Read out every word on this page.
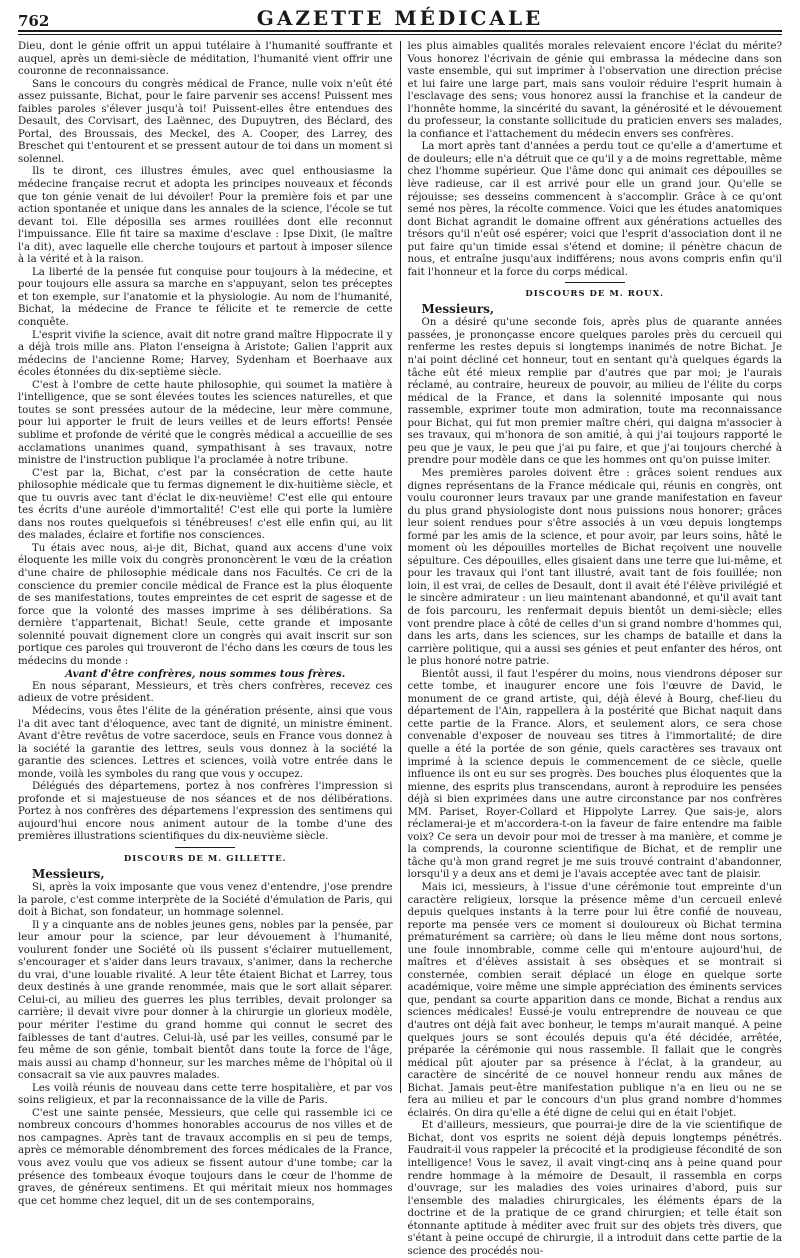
762	GAZETTE MÉDICALE

Dieu, dont le génie offrit un appui tutélaire à l'humanité souffrante et auquel, après un demi-siècle de méditation, l'humanité vient offrir une couronne de reconnaissance.

Sans le concours du congrès médical de France, nulle voix n'eût été assez puissante, Bichat, pour le faire parvenir ses accens! Puissent mes faibles paroles s'élever jusqu'à toi! Puissent-elles être entendues des Desault, des Corvisart, des Laënnec, des Dupuytren, des Béclard, des Portal, des Broussais, des Meckel, des A. Cooper, des Larrey, des Breschet qui t'entourent et se pressent autour de toi dans un moment si solennel.

Ils te diront, ces illustres émules, avec quel enthousiasme la médecine française recrut et adopta les principes nouveaux et féconds que ton génie venait de lui dévoiler! Pour la première fois et par une action spontanée et unique dans les annales de la science, l'école se tut devant toi. Elle déposilla ses armes rouillées dont elle reconnut l'impuissance. Elle fit taire sa maxime d'esclave : Ipse Dixit, (le maître l'a dit), avec laquelle elle cherche toujours et partout à imposer silence à la vérité et à la raison.

La liberté de la pensée fut conquise pour toujours à la médecine, et pour toujours elle assura sa marche en s'appuyant, selon tes préceptes et ton exemple, sur l'anatomie et la physiologie. Au nom de l'humanité, Bichat, la médecine de France te félicite et te remercie de cette conquête.

L'esprit vivifie la science, avait dit notre grand maître Hippocrate il y a déjà trois mille ans. Platon l'enseigna à Aristote; Galien l'apprit aux médecins de l'ancienne Rome; Harvey, Sydenham et Boerhaave aux écoles étonnées du dix-septième siècle.

C'est à l'ombre de cette haute philosophie, qui soumet la matière à l'intelligence, que se sont élevées toutes les sciences naturelles, et que toutes se sont pressées autour de la médecine, leur mère commune, pour lui apporter le fruit de leurs veilles et de leurs efforts! Pensée sublime et profonde de vérité que le congrès médical a accueillie de ses acclamations unanimes quand, sympathisant à ses travaux, notre ministre de l'instruction publique l'a proclamée à notre tribune.

C'est par la, Bichat, c'est par la consécration de cette haute philosophie médicale que tu fermas dignement le dix-huitième siècle, et que tu ouvris avec tant d'éclat le dix-neuvième! C'est elle qui entoure tes écrits d'une auréole d'immortalité! C'est elle qui porte la lumière dans nos routes quelquefois si ténébreuses! c'est elle enfin qui, au lit des malades, éclaire et fortifie nos consciences.

Tu étais avec nous, ai-je dit, Bichat, quand aux accens d'une voix éloquente les mille voix du congrès prononcèrent le vœu de la création d'une chaire de philosophie médicale dans nos Facultés. Ce cri de la conscience du premier concile médical de France est la plus éloquente de ses manifestations, toutes empreintes de cet esprit de sagesse et de force que la volonté des masses imprime à ses délibérations. Sa dernière t'appartenait, Bichat! Seule, cette grande et imposante solennité pouvait dignement clore un congrès qui avait inscrit sur son portique ces paroles qui trouveront de l'écho dans les cœurs de tous les médecins du monde :

Avant d'être confrères, nous sommes tous frères.

En nous séparant, Messieurs, et très chers confrères, recevez ces adieux de votre président.

Médecins, vous êtes l'élite de la génération présente, ainsi que vous l'a dit avec tant d'éloquence, avec tant de dignité, un ministre éminent. Avant d'être revêtus de votre sacerdoce, seuls en France vous donnez à la société la garantie des lettres, seuls vous donnez à la société la garantie des sciences. Lettres et sciences, voilà votre entrée dans le monde, voilà les symboles du rang que vous y occupez.

Délégués des départemens, portez à nos confrères l'impression si profonde et si majestueuse de nos séances et de nos délibérations. Portez à nos confrères des départemens l'expression des sentimens qui aujourd'hui encore nous animent autour de la tombe d'une des premières illustrations scientifiques du dix-neuvième siècle.

DISCOURS DE M. GILLETTE.
Messieurs,

Si, après la voix imposante que vous venez d'entendre, j'ose prendre la parole, c'est comme interprète de la Société d'émulation de Paris, qui doit à Bichat, son fondateur, un hommage solennel.

Il y a cinquante ans de nobles jeunes gens, nobles par la pensée, par leur amour pour la science, par leur dévouement à l'humanité, voulurent fonder une Société où ils pussent s'éclairer mutuellement, s'encourager et s'aider dans leurs travaux, s'animer, dans la recherche du vrai, d'une louable rivalité. A leur tête étaient Bichat et Larrey, tous deux destinés à une grande renommée, mais que le sort allait séparer. Celui-ci, au milieu des guerres les plus terribles, devait prolonger sa carrière; il devait vivre pour donner à la chirurgie un glorieux modèle, pour mériter l'estime du grand homme qui connut le secret des faiblesses de tant d'autres. Celui-là, usé par les veilles, consumé par le feu même de son génie, tombait bientôt dans toute la force de l'âge, mais aussi au champ d'honneur, sur les marches même de l'hôpital où il consacrait sa vie aux pauvres malades.

Les voilà réunis de nouveau dans cette terre hospitalière, et par vos soins religieux, et par la reconnaissance de la ville de Paris.

C'est une sainte pensée, Messieurs, que celle qui rassemble ici ce nombreux concours d'hommes honorables accourus de nos villes et de nos campagnes. Après tant de travaux accomplis en si peu de temps, après ce mémorable dénombrement des forces médicales de la France, vous avez voulu que vos adieux se fissent autour d'une tombe; car la présence des tombeaux évoque toujours dans le cœur de l'homme de graves, de généreux sentimens. Et qui méritait mieux nos hommages que cet homme chez lequel, dit un de ses contemporains,

les plus aimables qualités morales relevaient encore l'éclat du mérite? Vous honorez l'écrivain de génie qui embrassa la médecine dans son vaste ensemble, qui sut imprimer à l'observation une direction précise et lui faire une large part, mais sans vouloir réduire l'esprit humain à l'esclavage des sens; vous honorez aussi la franchise et la candeur de l'honnête homme, la sincérité du savant, la générosité et le dévouement du professeur, la constante sollicitude du praticien envers ses malades, la confiance et l'attachement du médecin envers ses confrères.

La mort après tant d'années a perdu tout ce qu'elle a d'amertume et de douleurs; elle n'a détruit que ce qu'il y a de moins regrettable, même chez l'homme supérieur. Que l'âme donc qui animait ces dépouilles se lève radieuse, car il est arrivé pour elle un grand jour. Qu'elle se réjouisse; ses desseins commencent à s'accomplir. Grâce à ce qu'ont semé nos pères, la récolte commence. Voici que les études anatomiques dont Bichat agrandit le domaine offrent aux générations actuelles des trésors qu'il n'eût osé espérer; voici que l'esprit d'association dont il ne put faire qu'un timide essai s'étend et domine; il pénètre chacun de nous, et entraîne jusqu'aux indifférens; nous avons compris enfin qu'il fait l'honneur et la force du corps médical.

DISCOURS DE M. ROUX.
Messieurs,

On a désiré qu'une seconde fois, après plus de quarante années passées, je prononçasse encore quelques paroles près du cercueil qui renferme les restes depuis si longtemps inanimés de notre Bichat. Je n'ai point décliné cet honneur, tout en sentant qu'à quelques égards la tâche eût été mieux remplie par d'autres que par moi; je l'aurais réclamé, au contraire, heureux de pouvoir, au milieu de l'élite du corps médical de la France, et dans la solennité imposante qui nous rassemble, exprimer toute mon admiration, toute ma reconnaissance pour Bichat, qui fut mon premier maître chéri, qui daigna m'associer à ses travaux, qui m'honora de son amitié, à qui j'ai toujours rapporté le peu que je vaux, le peu que j'ai pu faire, et que j'ai toujours cherché à prendre pour modèle dans ce que les hommes ont qu'on puisse imiter.

Mes premières paroles doivent être : grâces soient rendues aux dignes représentans de la France médicale qui, réunis en congrès, ont voulu couronner leurs travaux par une grande manifestation en faveur du plus grand physiologiste dont nous puissions nous honorer; grâces leur soient rendues pour s'être associés à un vœu depuis longtemps formé par les amis de la science, et pour avoir, par leurs soins, hâté le moment où les dépouilles mortelles de Bichat reçoivent une nouvelle sépulture. Ces dépouilles, elles gisaient dans une terre que lui-même, et pour les travaux qui l'ont tant illustré, avait tant de fois fouillée; non loin, il est vrai, de celles de Desault, dont il avait été l'élève privilégié et le sincère admirateur : un lieu maintenant abandonné, et qu'il avait tant de fois parcouru, les renfermait depuis bientôt un demi-siècle; elles vont prendre place à côté de celles d'un si grand nombre d'hommes qui, dans les arts, dans les sciences, sur les champs de bataille et dans la carrière politique, qui a aussi ses génies et peut enfanter des héros, ont le plus honoré notre patrie.

Bientôt aussi, il faut l'espérer du moins, nous viendrons déposer sur cette tombe, et inaugurer encore une fois l'œuvre de David, le monument de ce grand artiste, qui, déjà élevé à Bourg, chef-lieu du département de l'Ain, rappellera à la postérité que Bichat naquit dans cette partie de la France. Alors, et seulement alors, ce sera chose convenable d'exposer de nouveau ses titres à l'immortalité; de dire quelle a été la portée de son génie, quels caractères ses travaux ont imprimé à la science depuis le commencement de ce siècle, quelle influence ils ont eu sur ses progrès. Des bouches plus éloquentes que la mienne, des esprits plus transcendans, auront à reproduire les pensées déjà si bien exprimées dans une autre circonstance par nos confrères MM. Pariset, Royer-Collard et Hippolyte Larrey. Que sais-je, alors réclamerai-je et m'accordera-t-on la faveur de faire entendre ma faible voix? Ce sera un devoir pour moi de tresser à ma manière, et comme je la comprends, la couronne scientifique de Bichat, et de remplir une tâche qu'à mon grand regret je me suis trouvé contraint d'abandonner, lorsqu'il y a deux ans et demi je l'avais acceptée avec tant de plaisir.

Mais ici, messieurs, à l'issue d'une cérémonie tout empreinte d'un caractère religieux, lorsque la présence même d'un cercueil enlevé depuis quelques instants à la terre pour lui être confié de nouveau, reporte ma pensée vers ce moment si douloureux où Bichat termina prématurément sa carrière; où dans le lieu même dont nous sortons, une foule innombrable, comme celle qui m'entoure aujourd'hui, de maîtres et d'élèves assistait à ses obsèques et se montrait si consternée, combien serait déplacé un éloge en quelque sorte académique, voire même une simple appréciation des éminents services que, pendant sa courte apparition dans ce monde, Bichat a rendus aux sciences médicales! Eussé-je voulu entreprendre de nouveau ce que d'autres ont déjà fait avec bonheur, le temps m'aurait manqué. A peine quelques jours se sont écoulés depuis qu'a été décidée, arrêtée, préparée la cérémonie qui nous rassemble. Il fallait que le congrès médical pût ajouter par sa présence à l'éclat, à la grandeur, au caractère de sincérité de ce nouvel honneur rendu aux mânes de Bichat. Jamais peut-être manifestation publique n'a en lieu ou ne se fera au milieu et par le concours d'un plus grand nombre d'hommes éclairés. On dira qu'elle a été digne de celui qui en était l'objet.

Et d'ailleurs, messieurs, que pourrai-je dire de la vie scientifique de Bichat, dont vos esprits ne soient déjà depuis longtemps pénétrés. Faudrait-il vous rappeler la précocité et la prodigieuse fécondité de son intelligence! Vous le savez, il avait vingt-cinq ans à peine quand pour rendre hommage à la mémoire de Desault, il rassembla en corps d'ouvrage, sur les maladies des voies urinaires d'abord, puis sur l'ensemble des maladies chirurgicales, les éléments épars de la doctrine et de la pratique de ce grand chirurgien; et telle était son étonnante aptitude à méditer avec fruit sur des objets très divers, que s'étant à peine occupé de chirurgie, il a introduit dans cette partie de la science des procédés nou-
